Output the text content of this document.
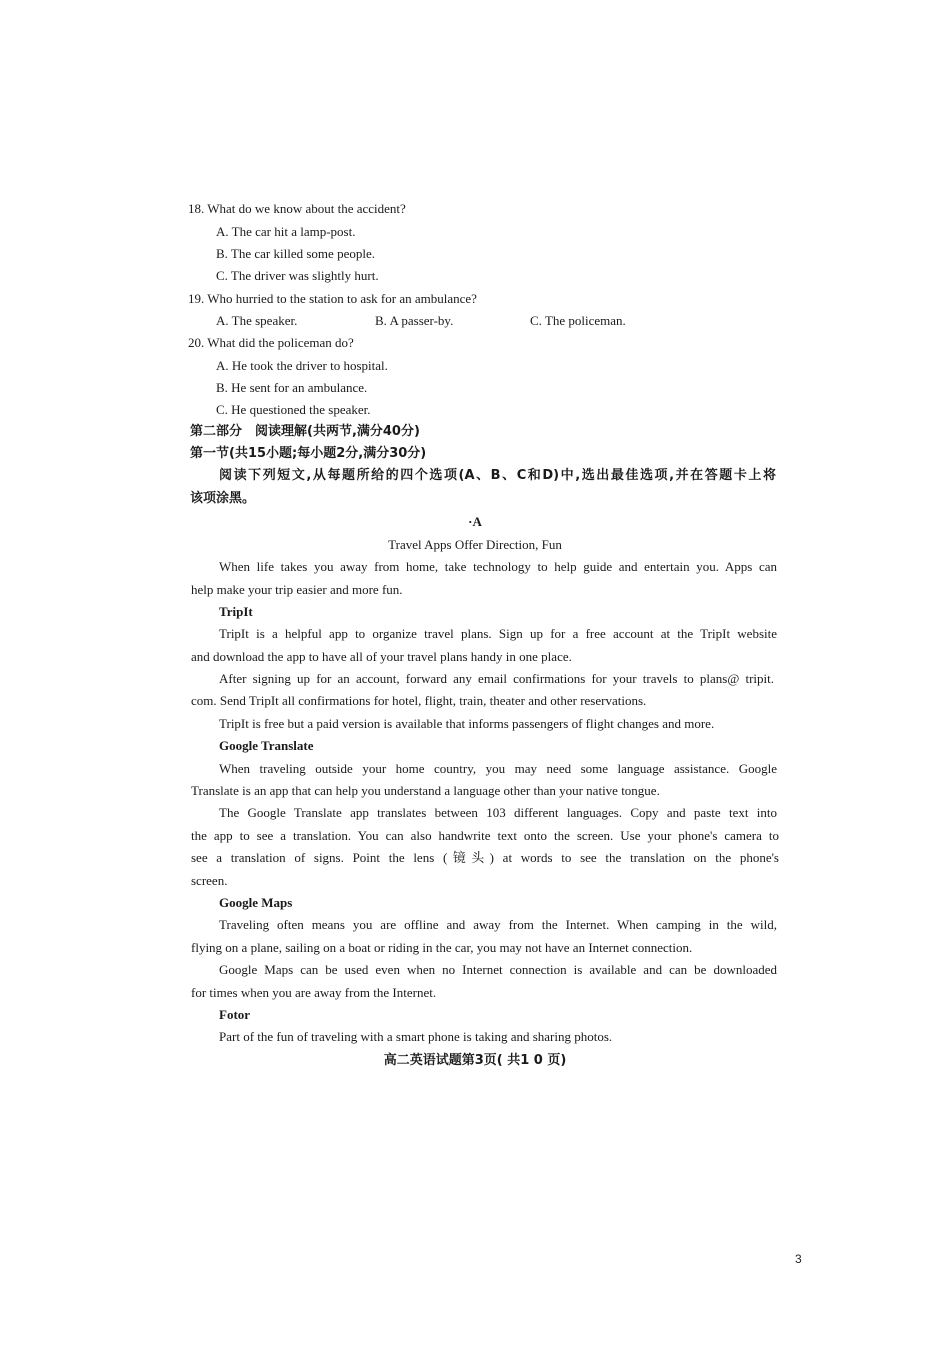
18. What do we know about the accident?
A. The car hit a lamp-post.
B. The car killed some people.
C. The driver was slightly hurt.
19. Who hurried to the station to ask for an ambulance?
A. The speaker.	B. A passer-by.	C. The policeman.
20. What did the policeman do?
A. He took the driver to hospital.
B. He sent for an ambulance.
C. He questioned the speaker.
第二部分　阅读理解(共两节,满分40分)
第一节(共15小题;每小题2分,满分30分)
阅读下列短文,从每题所给的四个选项(A、B、C和D)中,选出最佳选项,并在答题卡上将
该项涂黑。
·A
Travel Apps Offer Direction, Fun
When life takes you away from home, take technology to help guide and entertain you. Apps can
help make your trip easier and more fun.
TripIt
TripIt is a helpful app to organize travel plans. Sign up for a free account at the TripIt website
and download the app to have all of your travel plans handy in one place.
After signing up for an account, forward any email confirmations for your travels to plans@ tripit.
com. Send TripIt all confirmations for hotel, flight, train, theater and other reservations.
TripIt is free but a paid version is available that informs passengers of flight changes and more.
Google Translate
When traveling outside your home country, you may need some language assistance. Google
Translate is an app that can help you understand a language other than your native tongue.
The Google Translate app translates between 103 different languages. Copy and paste text into
the app to see a translation. You can also handwrite text onto the screen. Use your phone's camera to
see a translation of signs. Point the lens (镜头) at words to see the translation on the phone's
screen.
Google Maps
Traveling often means you are offline and away from the Internet. When camping in the wild,
flying on a plane, sailing on a boat or riding in the car, you may not have an Internet connection.
Google Maps can be used even when no Internet connection is available and can be downloaded
for times when you are away from the Internet.
Fotor
Part of the fun of traveling with a smart phone is taking and sharing photos.
高二英语试题第3页( 共1 0 页)
3
